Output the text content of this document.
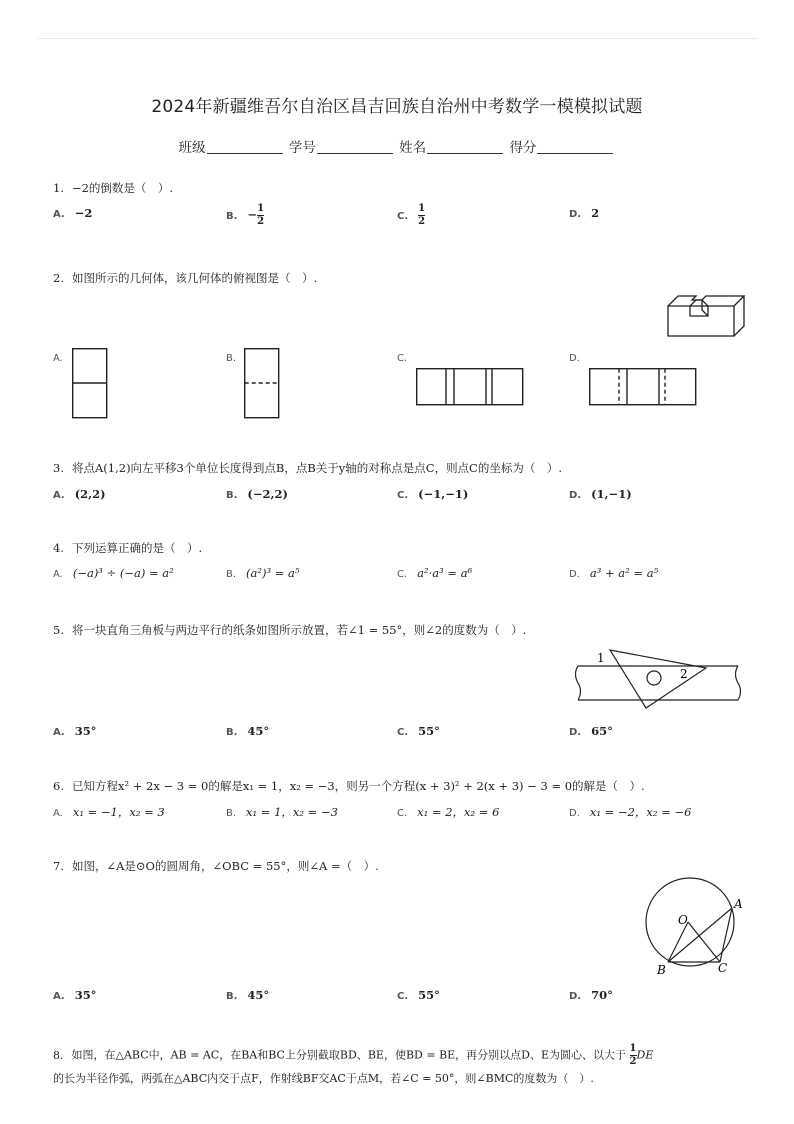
2024年新疆维吾尔自治区昌吉回族自治州中考数学一模模拟试题
班级	学号	姓名	得分
1. −2的倒数是（　）.
A. −2	B. − $\frac{1}{2}$	C. $\frac{1}{2}$	D. 2
2. 如图所示的几何体，该几何体的俯视图是（　）.
A.	B.	C.	D.
3. 将点A(1,2)向左平移3个单位长度得到点B，点B关于y轴的对称点是点C，则点C的坐标为（　）.
A. (2,2)	B. (−2,2)	C. (−1,−1)	D. (1,−1)
4. 下列运算正确的是（　）.
A. (−a)³ ÷ (−a) = a²	B. (a²)³ = a⁵	C. a²·a³ = a⁶	D. a³ + a² = a⁵
5. 将一块直角三角板与两边平行的纸条如图所示放置，若∠1 = 55°，则∠2的度数为（　）.
1
2
A. 35°	B. 45°	C. 55°	D. 65°
6. 已知方程x² + 2x − 3 = 0的解是x₁ = 1，x₂ = −3，则另一个方程(x + 3)² + 2(x + 3) − 3 = 0的解是（　）.
A. x₁ = −1，x₂ = 3	B. x₁ = 1，x₂ = −3	C. x₁ = 2，x₂ = 6	D. x₁ = −2，x₂ = −6
7. 如图，∠A是⊙O的圆周角，∠OBC = 55°，则∠A =（　）.
O
A
B	C
A. 35°	B. 45°	C. 55°	D. 70°
8. 如图，在△ABC中，AB = AC，在BA和BC上分别截取BD、BE，使BD = BE，再分别以点D、E为圆心、以大于 $\frac{1}{2}$ DE
的长为半径作弧，两弧在△ABC内交于点F，作射线BF交AC于点M，若∠C = 50°，则∠BMC的度数为（　）.
